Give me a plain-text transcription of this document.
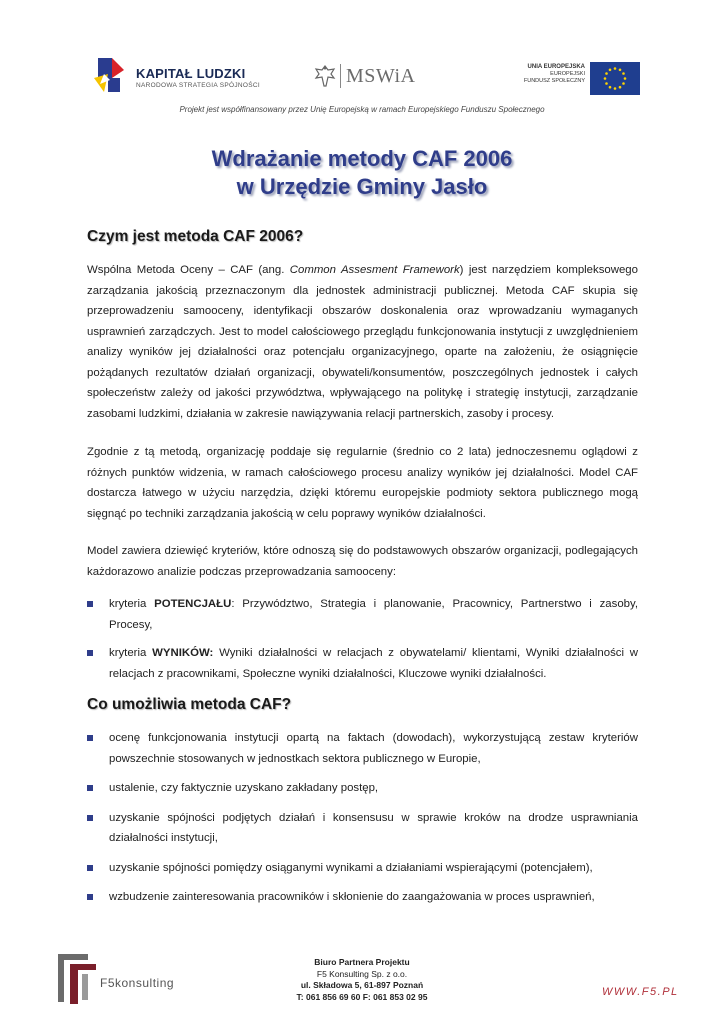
KAPITAŁ LUDZKI
NARODOWA STRATEGIA SPÓJNOŚCI	MSWiA	UNIA EUROPEJSKA
EUROPEJSKI
FUNDUSZ SPOŁECZNY
Projekt jest współfinansowany przez Unię Europejską w ramach Europejskiego Funduszu Społecznego
Wdrażanie metody CAF 2006
w Urzędzie Gminy Jasło
Czym jest metoda CAF 2006?

Wspólna Metoda Oceny – CAF (ang. Common Assesment Framework) jest narzędziem kompleksowego zarządzania jakością przeznaczonym dla jednostek administracji publicznej. Metoda CAF skupia się przeprowadzeniu samooceny, identyfikacji obszarów doskonalenia oraz wprowadzaniu wymaganych usprawnień zarządczych. Jest to model całościowego przeglądu funkcjonowania instytucji z uwzględnieniem analizy wyników jej działalności oraz potencjału organizacyjnego, oparte na założeniu, że osiągnięcie pożądanych rezultatów działań organizacji, obywateli/konsumentów, poszczególnych jednostek i całych społeczeństw zależy od jakości przywództwa, wpływającego na politykę i strategię instytucji, zarządzanie zasobami ludzkimi, działania w zakresie nawiązywania relacji partnerskich, zasoby i procesy.

Zgodnie z tą metodą, organizację poddaje się regularnie (średnio co 2 lata) jednoczesnemu oglądowi z różnych punktów widzenia, w ramach całościowego procesu analizy wyników jej działalności. Model CAF dostarcza łatwego w użyciu narzędzia, dzięki któremu europejskie podmioty sektora publicznego mogą sięgnąć po techniki zarządzania jakością w celu poprawy wyników działalności.

Model zawiera dziewięć kryteriów, które odnoszą się do podstawowych obszarów organizacji, podlegających każdorazowo analizie podczas przeprowadzania samooceny:

kryteria POTENCJAŁU: Przywództwo, Strategia i planowanie, Pracownicy, Partnerstwo i zasoby, Procesy,
kryteria WYNIKÓW: Wyniki działalności w relacjach z obywatelami/ klientami, Wyniki działalności w relacjach z pracownikami, Społeczne wyniki działalności, Kluczowe wyniki działalności.
Co umożliwia metoda CAF?
ocenę funkcjonowania instytucji opartą na faktach (dowodach), wykorzystującą zestaw kryteriów powszechnie stosowanych w jednostkach sektora publicznego w Europie,
ustalenie, czy faktycznie uzyskano zakładany postęp,
uzyskanie spójności podjętych działań i konsensusu w sprawie kroków na drodze usprawniania działalności instytucji,
uzyskanie spójności pomiędzy osiąganymi wynikami a działaniami wspierającymi (potencjałem),
wzbudzenie zainteresowania pracowników i skłonienie do zaangażowania w proces usprawnień,
F5konsulting
Biuro Partnera Projektu
F5 Konsulting Sp. z o.o.
ul. Składowa 5, 61-897 Poznań
T: 061 856 69 60 F: 061 853 02 95	WWW.F5.PL
